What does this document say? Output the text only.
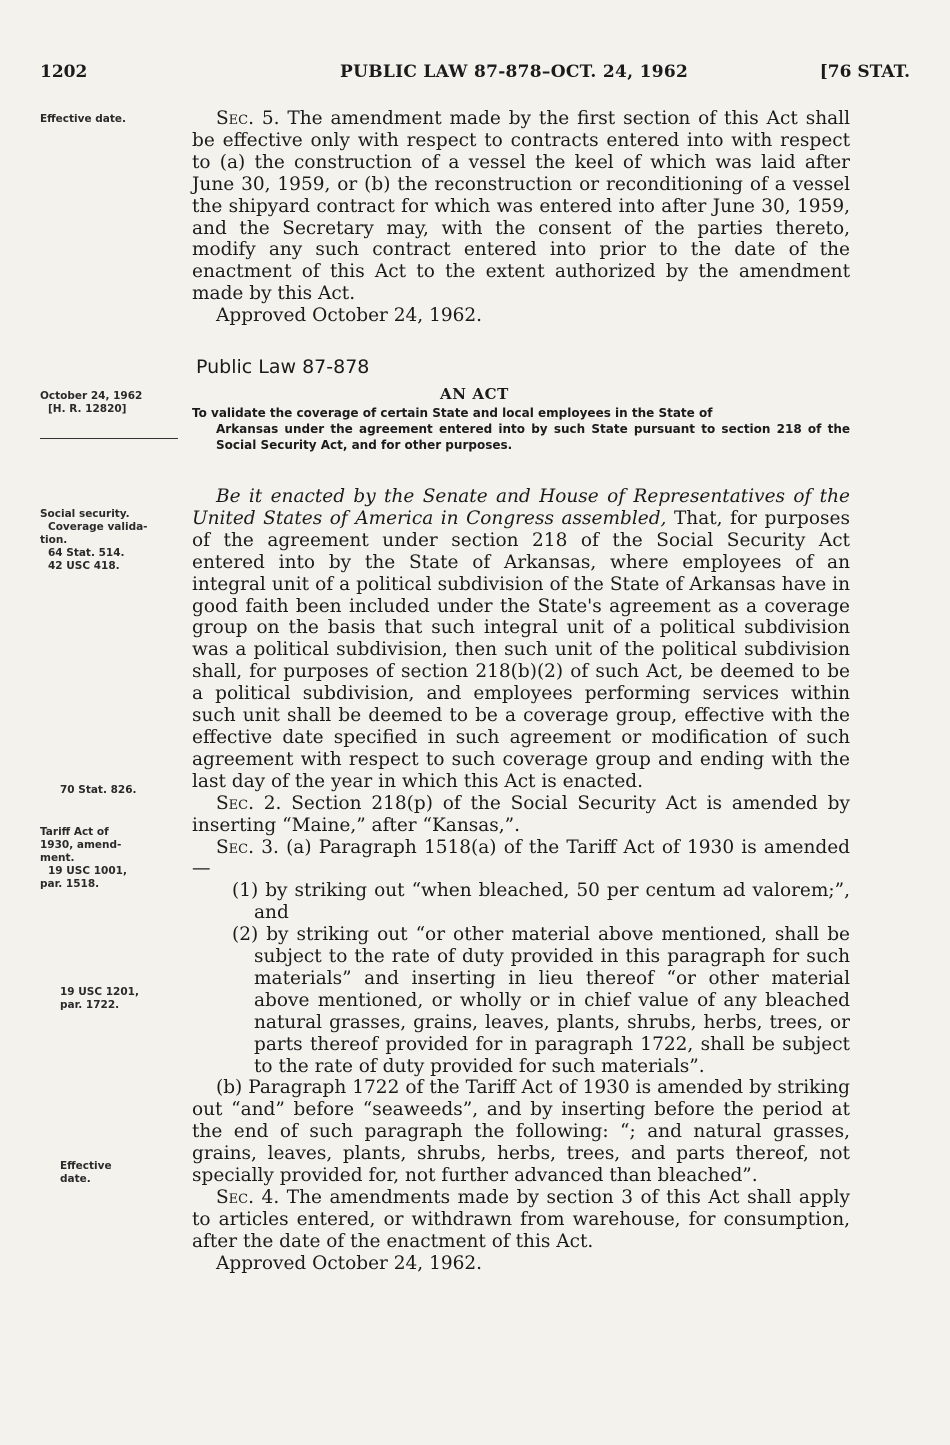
1202	PUBLIC LAW 87-878–OCT. 24, 1962	[76 STAT.
Effective date.
October 24, 1962
[H. R. 12820]
Social security.
Coverage valida-
tion.
64 Stat. 514.
42 USC 418.
70 Stat. 826.
Tariff Act of
1930, amend-
ment.
19 USC 1001,
par. 1518.
19 USC 1201,
par. 1722.
Effective
date.

Sec. 5. The amendment made by the first section of this Act shall be effective only with respect to contracts entered into with respect to (a) the construction of a vessel the keel of which was laid after June 30, 1959, or (b) the reconstruction or reconditioning of a vessel the shipyard contract for which was entered into after June 30, 1959, and the Secretary may, with the consent of the parties thereto, modify any such contract entered into prior to the date of the enactment of this Act to the extent authorized by the amendment made by this Act.

Approved October 24, 1962.

Public Law 87-878
AN ACT
To validate the coverage of certain State and local employees in the State of
Arkansas under the agreement entered into by such State pursuant to section 218 of the Social Security Act, and for other purposes.

Be it enacted by the Senate and House of Representatives of the United States of America in Congress assembled, That, for purposes of the agreement under section 218 of the Social Security Act entered into by the State of Arkansas, where employees of an integral unit of a political subdivision of the State of Arkansas have in good faith been included under the State's agreement as a coverage group on the basis that such integral unit of a political subdivision was a political subdivision, then such unit of the political subdivision shall, for purposes of section 218(b)(2) of such Act, be deemed to be a political subdivision, and employees performing services within such unit shall be deemed to be a coverage group, effective with the effective date specified in such agreement or modification of such agreement with respect to such coverage group and ending with the last day of the year in which this Act is enacted.

Sec. 2. Section 218(p) of the Social Security Act is amended by inserting “Maine,” after “Kansas,”.

Sec. 3. (a) Paragraph 1518(a) of the Tariff Act of 1930 is amended—

(1) by striking out “when bleached, 50 per centum ad valorem;”, and

(2) by striking out “or other material above mentioned, shall be subject to the rate of duty provided in this paragraph for such materials” and inserting in lieu thereof “or other material above mentioned, or wholly or in chief value of any bleached natural grasses, grains, leaves, plants, shrubs, herbs, trees, or parts thereof provided for in paragraph 1722, shall be subject to the rate of duty provided for such materials”.

(b) Paragraph 1722 of the Tariff Act of 1930 is amended by striking out “and” before “seaweeds”, and by inserting before the period at the end of such paragraph the following: “; and natural grasses, grains, leaves, plants, shrubs, herbs, trees, and parts thereof, not specially provided for, not further advanced than bleached”.

Sec. 4. The amendments made by section 3 of this Act shall apply to articles entered, or withdrawn from warehouse, for consumption, after the date of the enactment of this Act.

Approved October 24, 1962.
